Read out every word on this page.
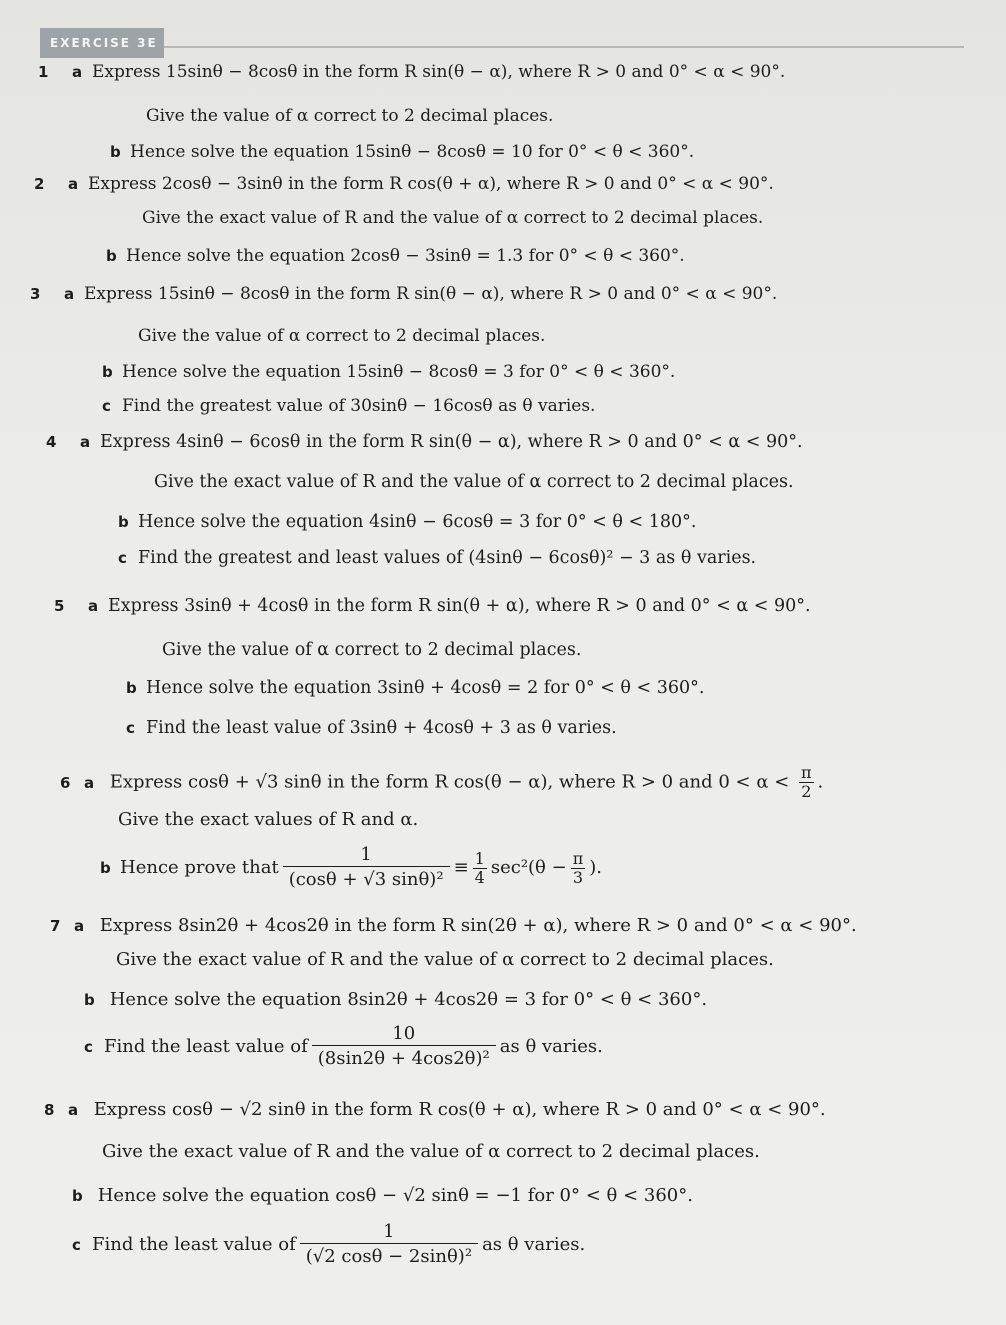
EXERCISE 3E
1 a Express 15sinθ − 8cosθ in the form R sin(θ − α), where R > 0 and 0° < α < 90°.
Give the value of α correct to 2 decimal places.
b Hence solve the equation 15sinθ − 8cosθ = 10 for 0° < θ < 360°.
2 a Express 2cosθ − 3sinθ in the form R cos(θ + α), where R > 0 and 0° < α < 90°.
Give the exact value of R and the value of α correct to 2 decimal places.
b Hence solve the equation 2cosθ − 3sinθ = 1.3 for 0° < θ < 360°.
3 a Express 15sinθ − 8cosθ in the form R sin(θ − α), where R > 0 and 0° < α < 90°.
Give the value of α correct to 2 decimal places.
b Hence solve the equation 15sinθ − 8cosθ = 3 for 0° < θ < 360°.
c Find the greatest value of 30sinθ − 16cosθ as θ varies.
4 a Express 4sinθ − 6cosθ in the form R sin(θ − α), where R > 0 and 0° < α < 90°.
Give the exact value of R and the value of α correct to 2 decimal places.
b Hence solve the equation 4sinθ − 6cosθ = 3 for 0° < θ < 180°.
c Find the greatest and least values of (4sinθ − 6cosθ)² − 3 as θ varies.
5 a Express 3sinθ + 4cosθ in the form R sin(θ + α), where R > 0 and 0° < α < 90°.
Give the value of α correct to 2 decimal places.
b Hence solve the equation 3sinθ + 4cosθ = 2 for 0° < θ < 360°.
c Find the least value of 3sinθ + 4cosθ + 3 as θ varies.
6 a Express cosθ + √3 sinθ in the form R cos(θ − α), where R > 0 and $0 < \alpha < \frac{\pi}{2}$ .
Give the exact values of R and α.
b Hence prove that $\frac{1}{\text{(cosθ + √3 sinθ)²}} \equiv \frac{1}{4} \sec^2(\theta - \frac{\pi}{3}$ ).
7 a Express 8sin2θ + 4cos2θ in the form R sin(2θ + α), where R > 0 and 0° < α < 90°.
Give the exact value of R and the value of α correct to 2 decimal places.
b Hence solve the equation 8sin2θ + 4cos2θ = 3 for 0° < θ < 360°.
c Find the least value of $\frac{10}{\text{(8sin2θ + 4cos2θ)²}}$ as θ varies.
8 a Express cosθ − √2 sinθ in the form R cos(θ + α), where R > 0 and 0° < α < 90°.
Give the exact value of R and the value of α correct to 2 decimal places.
b Hence solve the equation cosθ − √2 sinθ = −1 for 0° < θ < 360°.
c Find the least value of $\frac{1}{\text{(√2 cosθ − 2sinθ)²}}$ as θ varies.
